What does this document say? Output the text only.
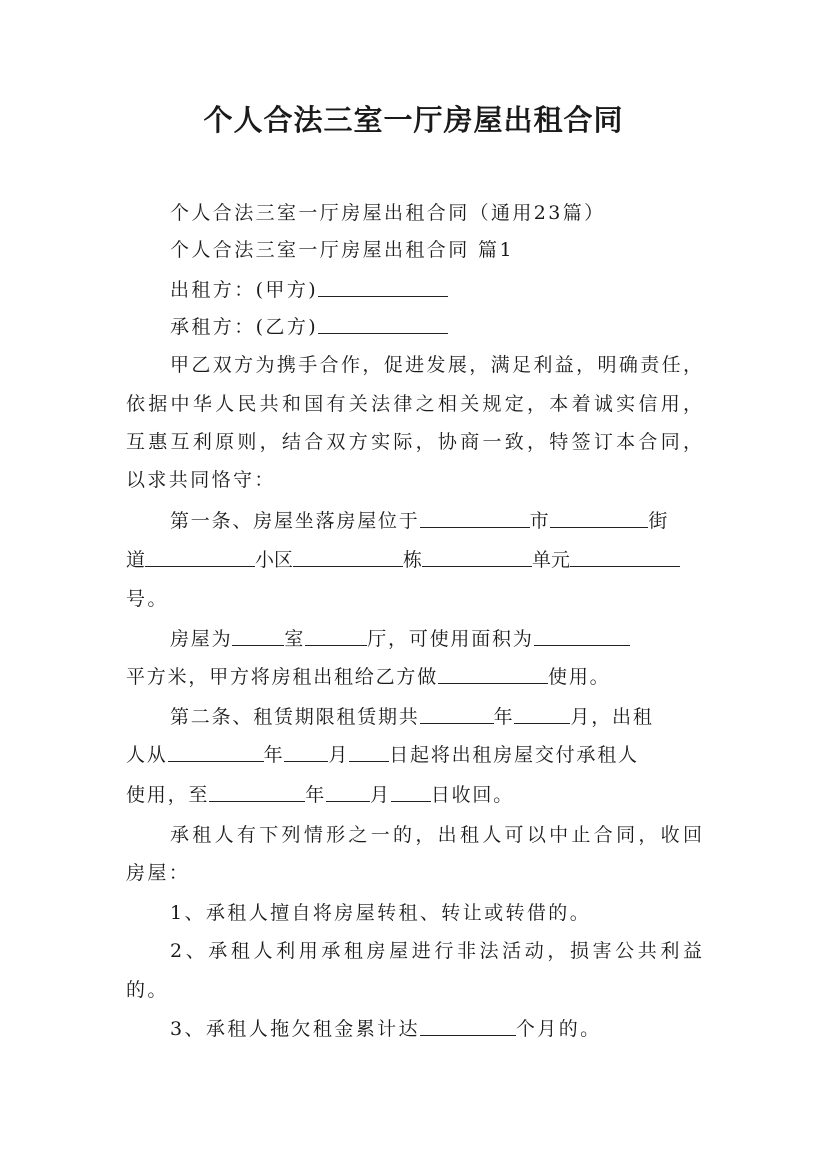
个人合法三室一厅房屋出租合同
个人合法三室一厅房屋出租合同（通用23篇）
个人合法三室一厅房屋出租合同 篇1
出租方：(甲方)
承租方：(乙方)
甲乙双方为携手合作，促进发展，满足利益，明确责任，
依据中华人民共和国有关法律之相关规定，本着诚实信用，
互惠互利原则，结合双方实际，协商一致，特签订本合同，
以求共同恪守：
第一条、房屋坐落房屋位于	市	街
道	小区	栋	单元
号。
房屋为	室	厅，可使用面积为
平方米，甲方将房租出租给乙方做	使用。
第二条、租赁期限租赁期共	年	月，出租
人从	年 月 日起将出租房屋交付承租人
使用，至	年 月 日收回。
承租人有下列情形之一的，出租人可以中止合同，收回
房屋：
1、承租人擅自将房屋转租、转让或转借的。
2、承租人利用承租房屋进行非法活动，损害公共利益
的。
3、承租人拖欠租金累计达	个月的。
